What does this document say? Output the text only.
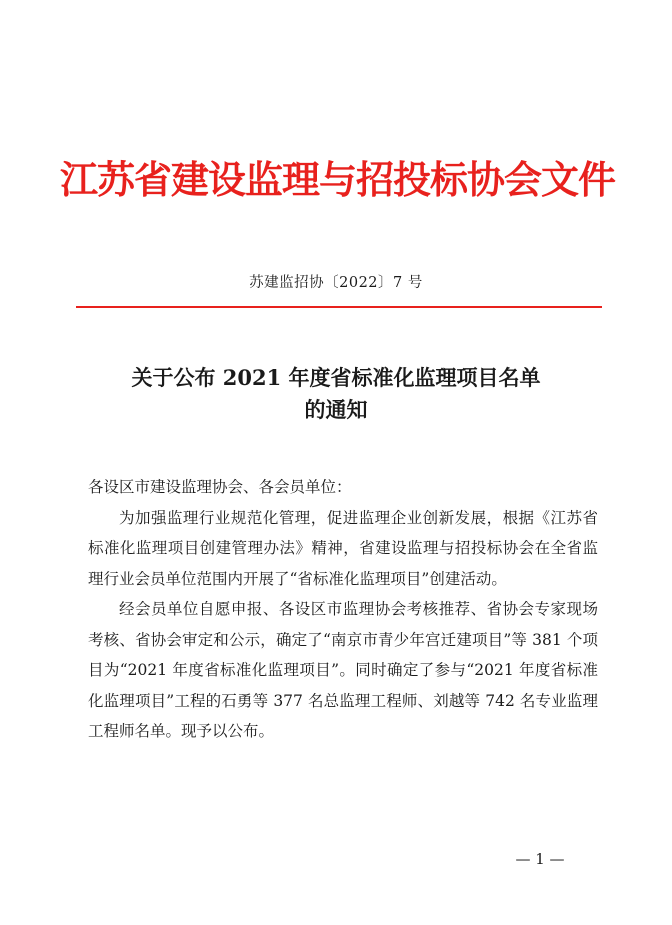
江苏省建设监理与招投标协会文件
苏建监招协〔2022〕7 号
关于公布 2021 年度省标准化监理项目名单
的通知

各设区市建设监理协会、各会员单位：

为加强监理行业规范化管理，促进监理企业创新发展，根据《江苏省标准化监理项目创建管理办法》精神，省建设监理与招投标协会在全省监理行业会员单位范围内开展了“省标准化监理项目”创建活动。

经会员单位自愿申报、各设区市监理协会考核推荐、省协会专家现场考核、省协会审定和公示，确定了“南京市青少年宫迁建项目”等 381 个项目为“2021 年度省标准化监理项目”。同时确定了参与“2021 年度省标准化监理项目”工程的石勇等 377 名总监理工程师、刘越等 742 名专业监理工程师名单。现予以公布。

— 1 —
